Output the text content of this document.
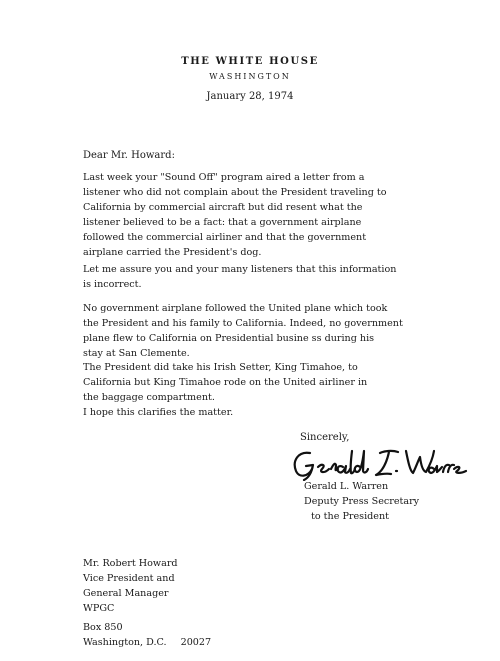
THE WHITE HOUSE
WASHINGTON
January 28, 1974
Dear Mr. Howard:
Last week your "Sound Off" program aired a letter from a
listener who did not complain about the President traveling to
California by commercial aircraft but did resent what the
listener believed to be a fact: that a government airplane
followed the commercial airliner and that the government
airplane carried the President's dog.
Let me assure you and your many listeners that this information
is incorrect.
No government airplane followed the United plane which took
the President and his family to California. Indeed, no government
plane flew to California on Presidential busine ss during his
stay at San Clemente.
The President did take his Irish Setter, King Timahoe, to
California but King Timahoe rode on the United airliner in
the baggage compartment.
I hope this clarifies the matter.
Sincerely,
Gerald L. Warren
Deputy Press Secretary
to the President
Mr. Robert Howard
Vice President and
General Manager
WPGC
Box 850
Washington, D.C. 20027
